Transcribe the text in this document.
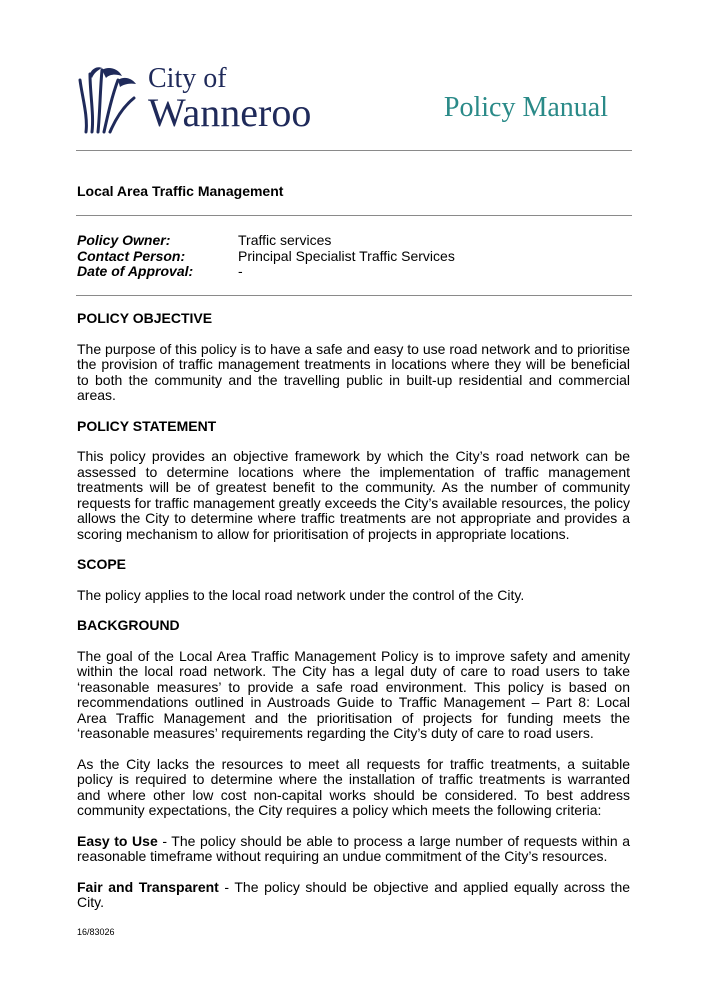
City of
Wanneroo	Policy Manual
Local Area Traffic Management
Policy Owner:	Traffic services
Contact Person:	Principal Specialist Traffic Services
Date of Approval:	-
POLICY OBJECTIVE

The purpose of this policy is to have a safe and easy to use road network and to prioritise the provision of traffic management treatments in locations where they will be beneficial to both the community and the travelling public in built-up residential and commercial areas.

POLICY STATEMENT

This policy provides an objective framework by which the City’s road network can be assessed to determine locations where the implementation of traffic management treatments will be of greatest benefit to the community. As the number of community requests for traffic management greatly exceeds the City’s available resources, the policy allows the City to determine where traffic treatments are not appropriate and provides a scoring mechanism to allow for prioritisation of projects in appropriate locations.

SCOPE

The policy applies to the local road network under the control of the City.

BACKGROUND

The goal of the Local Area Traffic Management Policy is to improve safety and amenity within the local road network. The City has a legal duty of care to road users to take ‘reasonable measures’ to provide a safe road environment. This policy is based on recommendations outlined in Austroads Guide to Traffic Management – Part 8: Local Area Traffic Management and the prioritisation of projects for funding meets the ‘reasonable measures’ requirements regarding the City’s duty of care to road users.

As the City lacks the resources to meet all requests for traffic treatments, a suitable policy is required to determine where the installation of traffic treatments is warranted and where other low cost non-capital works should be considered. To best address community expectations, the City requires a policy which meets the following criteria:

Easy to Use - The policy should be able to process a large number of requests within a reasonable timeframe without requiring an undue commitment of the City’s resources.

Fair and Transparent - The policy should be objective and applied equally across the City.

16/83026
